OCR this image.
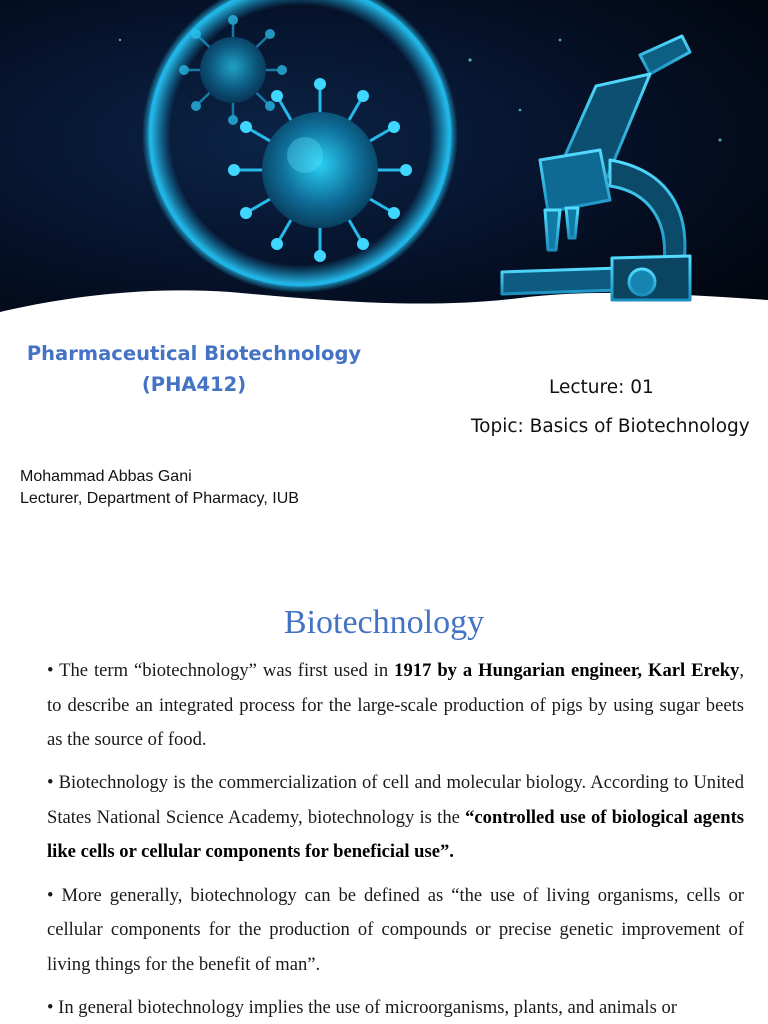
Pharmaceutical Biotechnology
(PHA412)	Lecture: 01
Topic: Basics of Biotechnology
Mohammad Abbas Gani
Lecturer, Department of Pharmacy, IUB
Biotechnology

• The term “biotechnology” was first used in 1917 by a Hungarian engineer, Karl Ereky, to describe an integrated process for the large-scale production of pigs by using sugar beets as the source of food.

• Biotechnology is the commercialization of cell and molecular biology. According to United States National Science Academy, biotechnology is the “controlled use of biological agents like cells or cellular components for beneficial use”.

• More generally, biotechnology can be defined as “the use of living organisms, cells or cellular components for the production of compounds or precise genetic improvement of living things for the benefit of man”.

• In general biotechnology implies the use of microorganisms, plants, and animals or
